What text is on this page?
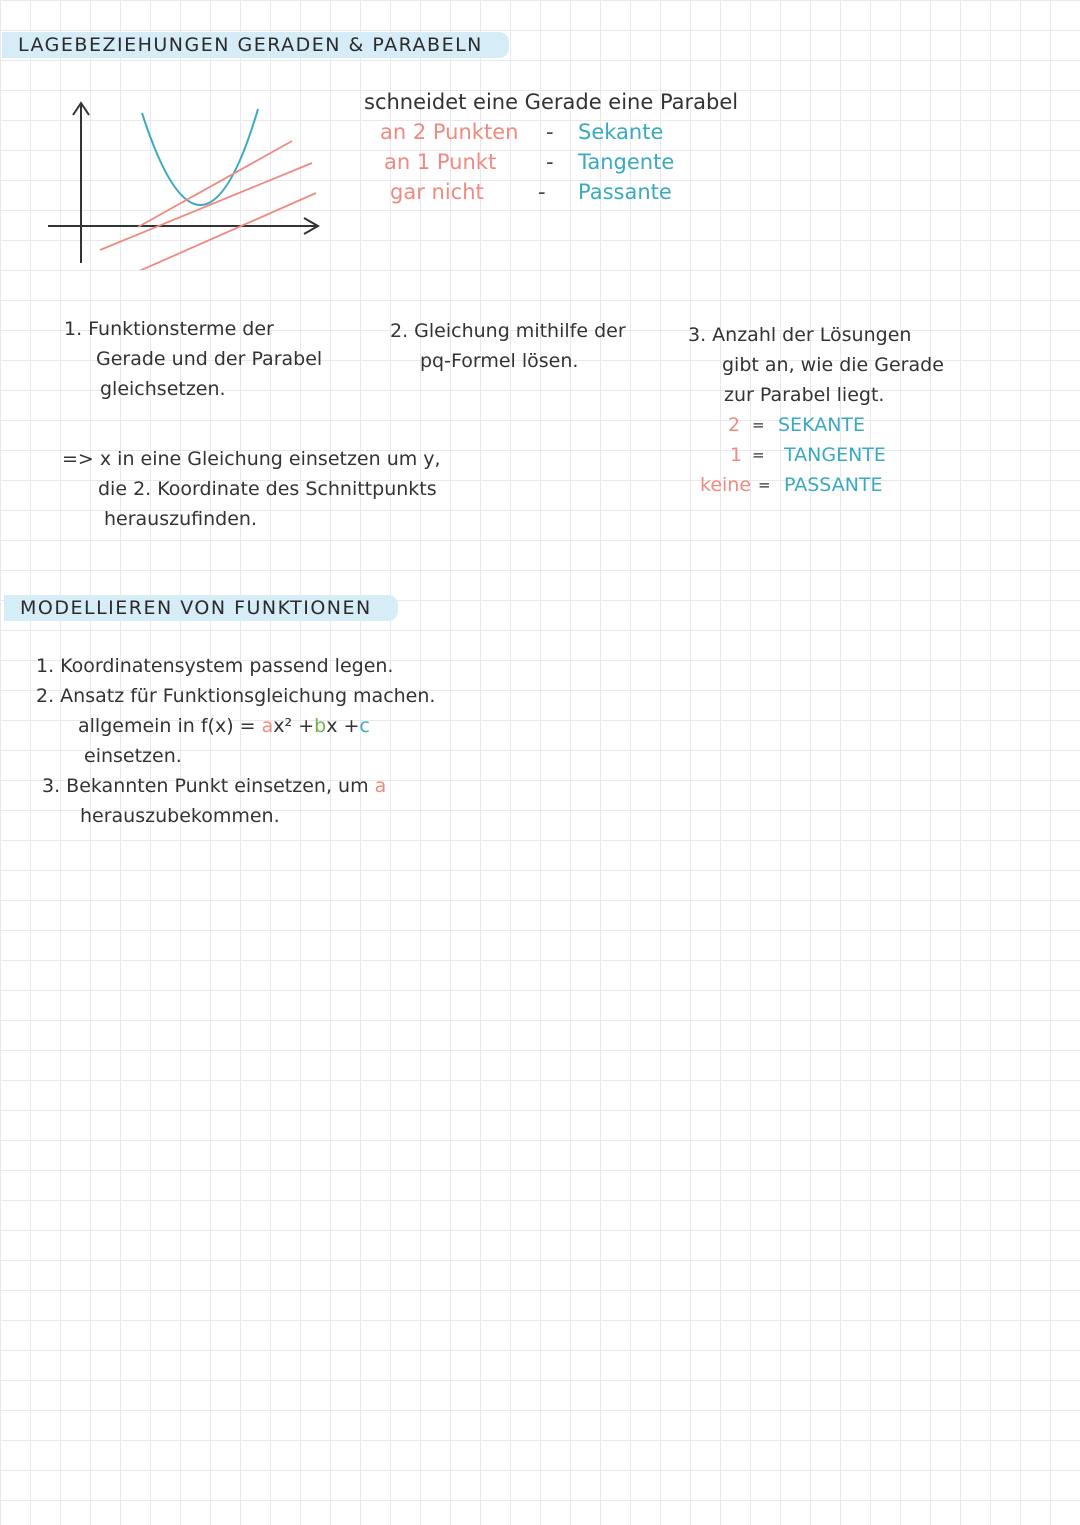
LAGEBEZIEHUNGEN GERADEN & PARABELN
schneidet eine Gerade eine Parabel
an 2 Punkten - Sekante
an 1 Punkt - Tangente
gar nicht	- Passante
1. Funktionsterme der
Gerade und der Parabel
gleichsetzen.
2. Gleichung mithilfe der
pq-Formel lösen.
3. Anzahl der Lösungen
gibt an, wie die Gerade
zur Parabel liegt.
2 = SEKANTE
1 = TANGENTE
keine = PASSANTE
=> x in eine Gleichung einsetzen um y,
die 2. Koordinate des Schnittpunkts
herauszufinden.
MODELLIEREN VON FUNKTIONEN
1. Koordinatensystem passend legen.
2. Ansatz für Funktionsgleichung machen.
allgemein in f(x) = ax² +bx +c
einsetzen.
3. Bekannten Punkt einsetzen, um a
herauszubekommen.
